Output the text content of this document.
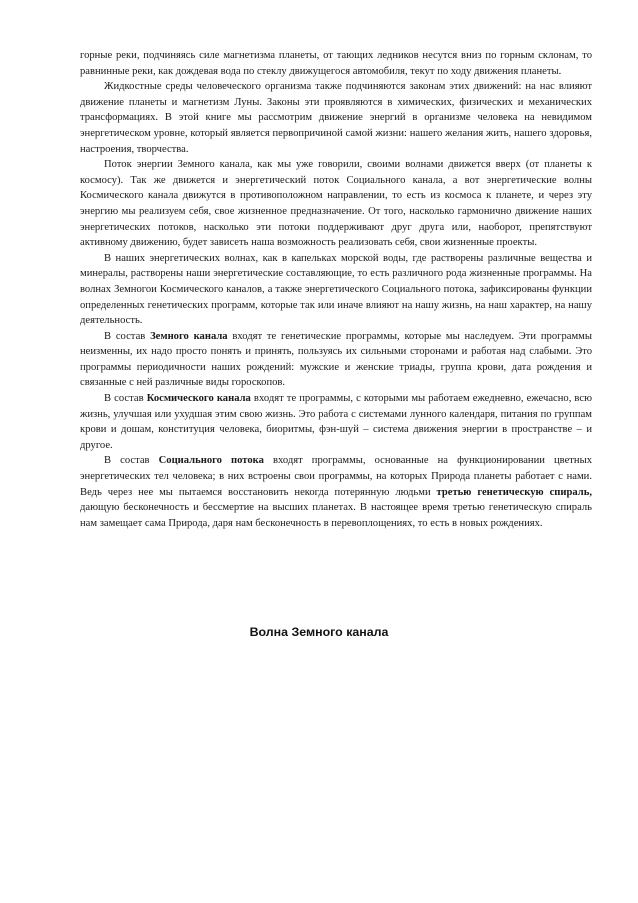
горные реки, подчиняясь силе магнетизма планеты, от тающих ледников несутся вниз по горным склонам, то равнинные реки, как дождевая вода по стеклу движущегося автомобиля, текут по ходу движения планеты.

Жидкостные среды человеческого организма также подчиняются законам этих движений: на нас влияют движение планеты и магнетизм Луны. Законы эти проявляются в химических, физических и механических трансформациях. В этой книге мы рассмотрим движение энергий в организме человека на невидимом энергетическом уровне, который является первопричиной самой жизни: нашего желания жить, нашего здоровья, настроения, творчества.

Поток энергии Земного канала, как мы уже говорили, своими волнами движется вверх (от планеты к космосу). Так же движется и энергетический поток Социального канала, а вот энергетические волны Космического канала движутся в противоположном направлении, то есть из космоса к планете, и через эту энергию мы реализуем себя, свое жизненное предназначение. От того, насколько гармонично движение наших энергетических потоков, насколько эти потоки поддерживают друг друга или, наоборот, препятствуют активному движению, будет зависеть наша возможность реализовать себя, свои жизненные проекты.

В наших энергетических волнах, как в капельках морской воды, где растворены различные вещества и минералы, растворены наши энергетические составляющие, то есть различного рода жизненные программы. На волнах Земногои Космического каналов, а также энергетического Социального потока, зафиксированы функции определенных генетических программ, которые так или иначе влияют на нашу жизнь, на наш характер, на нашу деятельность.

В состав Земного канала входят те генетические программы, которые мы наследуем. Эти программы неизменны, их надо просто понять и принять, пользуясь их сильными сторонами и работая над слабыми. Это программы периодичности наших рождений: мужские и женские триады, группа крови, дата рождения и связанные с ней различные виды гороскопов.

В состав Космического канала входят те программы, с которыми мы работаем ежедневно, ежечасно, всю жизнь, улучшая или ухудшая этим свою жизнь. Это работа с системами лунного календаря, питания по группам крови и дошам, конституция человека, биоритмы, фэн-шуй – система движения энергии в пространстве – и другое.

В состав Социального потока входят программы, основанные на функционировании цветных энергетических тел человека; в них встроены свои программы, на которых Природа планеты работает с нами. Ведь через нее мы пытаемся восстановить некогда потерянную людьми третью генетическую спираль, дающую бесконечность и бессмертие на высших планетах. В настоящее время третью генетическую спираль нам замещает сама Природа, даря нам бесконечность в перевоплощениях, то есть в новых рождениях.

Волна Земного канала
